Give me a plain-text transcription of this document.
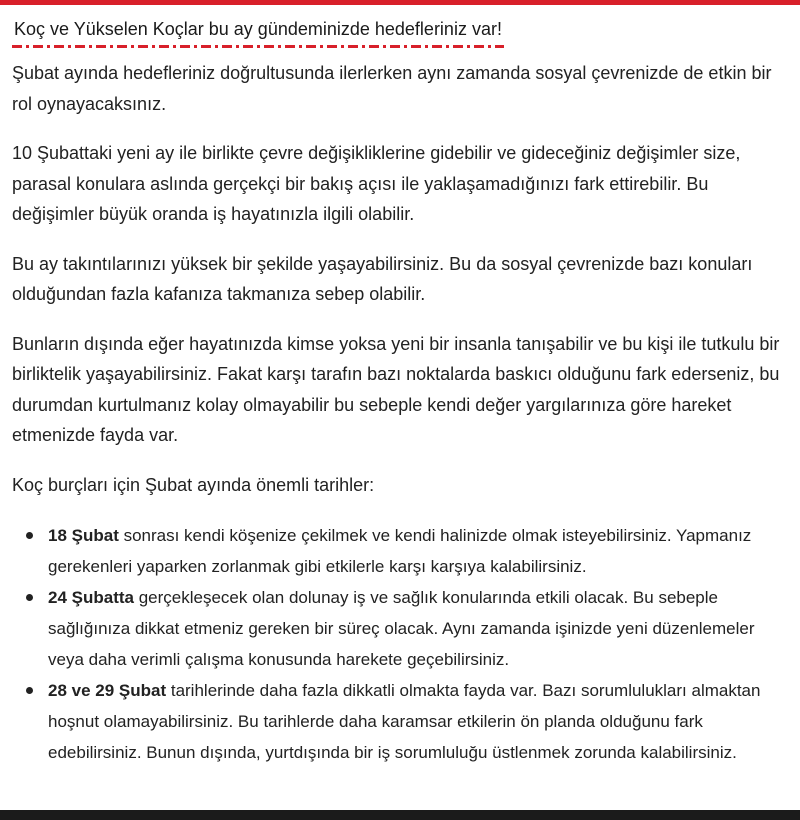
Koç ve Yükselen Koçlar bu ay gündeminizde hedefleriniz var!

Şubat ayında hedefleriniz doğrultusunda ilerlerken aynı zamanda sosyal çevrenizde de etkin bir rol oynayacaksınız.

10 Şubattaki yeni ay ile birlikte çevre değişikliklerine gidebilir ve gideceğiniz değişimler size, parasal konulara aslında gerçekçi bir bakış açısı ile yaklaşamadığınızı fark ettirebilir. Bu değişimler büyük oranda iş hayatınızla ilgili olabilir.

Bu ay takıntılarınızı yüksek bir şekilde yaşayabilirsiniz. Bu da sosyal çevrenizde bazı konuları olduğundan fazla kafanıza takmanıza sebep olabilir.

Bunların dışında eğer hayatınızda kimse yoksa yeni bir insanla tanışabilir ve bu kişi ile tutkulu bir birliktelik yaşayabilirsiniz. Fakat karşı tarafın bazı noktalarda baskıcı olduğunu fark ederseniz, bu durumdan kurtulmanız kolay olmayabilir bu sebeple kendi değer yargılarınıza göre hareket etmenizde fayda var.

Koç burçları için Şubat ayında önemli tarihler:

18 Şubat sonrası kendi köşenize çekilmek ve kendi halinizde olmak isteyebilirsiniz. Yapmanız gerekenleri yaparken zorlanmak gibi etkilerle karşı karşıya kalabilirsiniz.
24 Şubatta gerçekleşecek olan dolunay iş ve sağlık konularında etkili olacak. Bu sebeple sağlığınıza dikkat etmeniz gereken bir süreç olacak. Aynı zamanda işinizde yeni düzenlemeler veya daha verimli çalışma konusunda harekete geçebilirsiniz.
28 ve 29 Şubat tarihlerinde daha fazla dikkatli olmakta fayda var. Bazı sorumlulukları almaktan hoşnut olamayabilirsiniz. Bu tarihlerde daha karamsar etkilerin ön planda olduğunu fark edebilirsiniz. Bunun dışında, yurtdışında bir iş sorumluluğu üstlenmek zorunda kalabilirsiniz.
